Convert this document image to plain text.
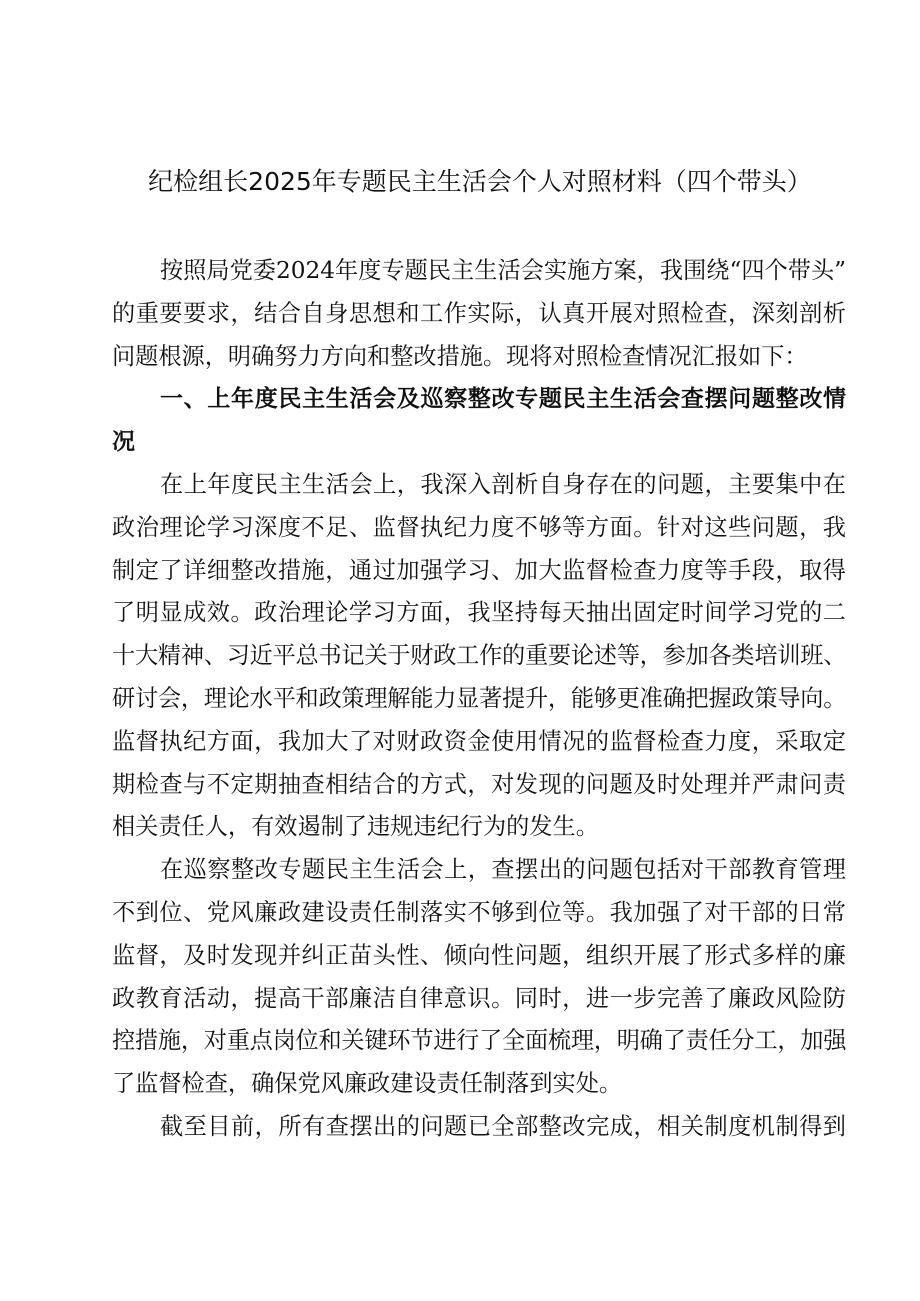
纪检组长2025年专题民主生活会个人对照材料（四个带头）
按照局党委2024年度专题民主生活会实施方案，我围绕“四个带头”
的重要要求，结合自身思想和工作实际，认真开展对照检查，深刻剖析
问题根源，明确努力方向和整改措施。现将对照检查情况汇报如下：
一、上年度民主生活会及巡察整改专题民主生活会查摆问题整改情
况
在上年度民主生活会上，我深入剖析自身存在的问题，主要集中在
政治理论学习深度不足、监督执纪力度不够等方面。针对这些问题，我
制定了详细整改措施，通过加强学习、加大监督检查力度等手段，取得
了明显成效。政治理论学习方面，我坚持每天抽出固定时间学习党的二
十大精神、习近平总书记关于财政工作的重要论述等，参加各类培训班、
研讨会，理论水平和政策理解能力显著提升，能够更准确把握政策导向。
监督执纪方面，我加大了对财政资金使用情况的监督检查力度，采取定
期检查与不定期抽查相结合的方式，对发现的问题及时处理并严肃问责
相关责任人，有效遏制了违规违纪行为的发生。
在巡察整改专题民主生活会上，查摆出的问题包括对干部教育管理
不到位、党风廉政建设责任制落实不够到位等。我加强了对干部的日常
监督，及时发现并纠正苗头性、倾向性问题，组织开展了形式多样的廉
政教育活动，提高干部廉洁自律意识。同时，进一步完善了廉政风险防
控措施，对重点岗位和关键环节进行了全面梳理，明确了责任分工，加强
了监督检查，确保党风廉政建设责任制落到实处。
截至目前，所有查摆出的问题已全部整改完成，相关制度机制得到
